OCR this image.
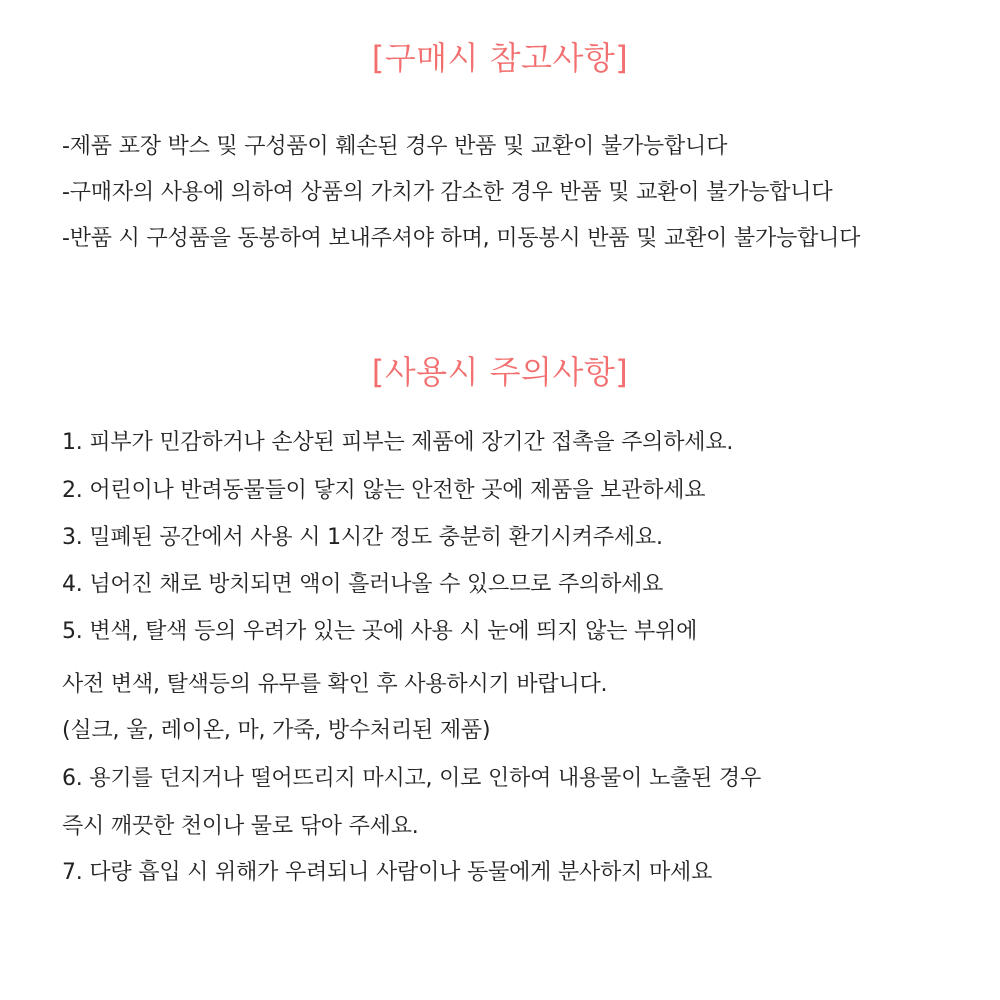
[구매시 참고사항]
-제품 포장 박스 및 구성품이 훼손된 경우 반품 및 교환이 불가능합니다
-구매자의 사용에 의하여 상품의 가치가 감소한 경우 반품 및 교환이 불가능합니다
-반품 시 구성품을 동봉하여 보내주셔야 하며, 미동봉시 반품 및 교환이 불가능합니다
[사용시 주의사항]
1. 피부가 민감하거나 손상된 피부는 제품에 장기간 접촉을 주의하세요.
2. 어린이나 반려동물들이 닿지 않는 안전한 곳에 제품을 보관하세요
3. 밀폐된 공간에서 사용 시 1시간 정도 충분히 환기시켜주세요.
4. 넘어진 채로 방치되면 액이 흘러나올 수 있으므로 주의하세요
5. 변색, 탈색 등의 우려가 있는 곳에 사용 시 눈에 띄지 않는 부위에
사전 변색, 탈색등의 유무를 확인 후 사용하시기 바랍니다.
(실크, 울, 레이온, 마, 가죽, 방수처리된 제품)
6. 용기를 던지거나 떨어뜨리지 마시고, 이로 인하여 내용물이 노출된 경우
즉시 깨끗한 천이나 물로 닦아 주세요.
7. 다량 흡입 시 위해가 우려되니 사람이나 동물에게 분사하지 마세요
